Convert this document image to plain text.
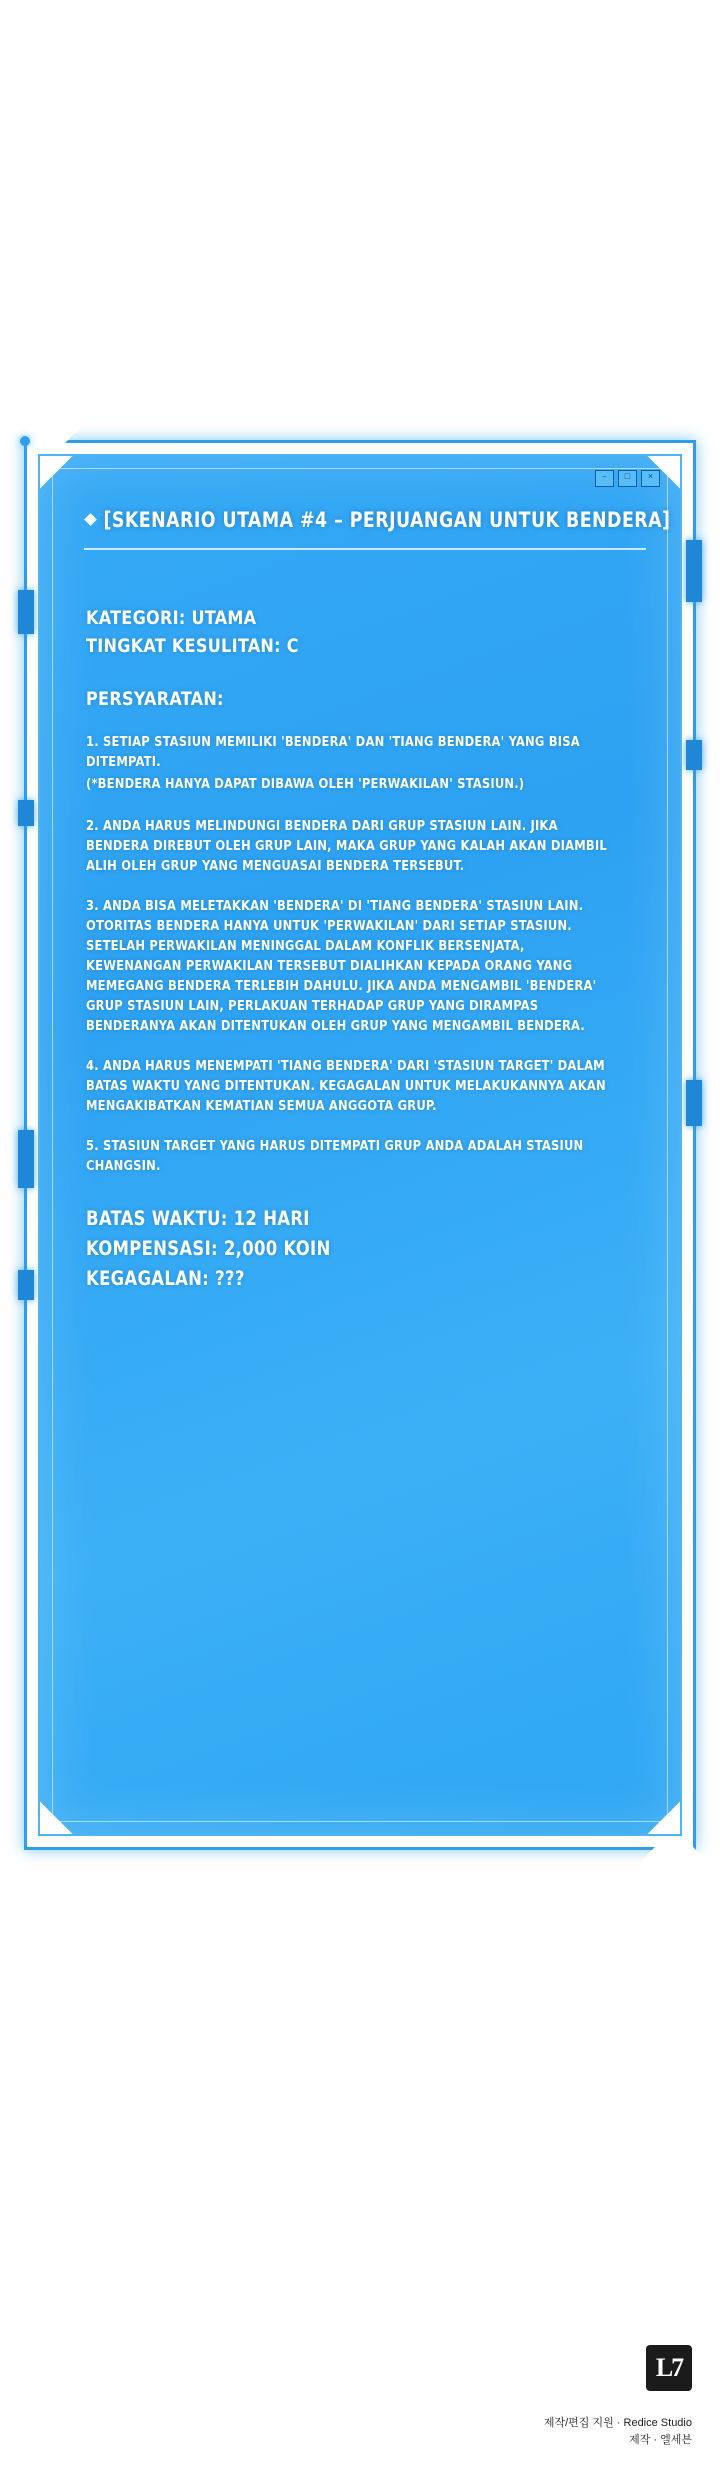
–	□	×
[SKENARIO UTAMA #4 – PERJUANGAN UNTUK BENDERA]
KATEGORI: UTAMA
TINGKAT KESULITAN: C
PERSYARATAN:
1. SETIAP STASIUN MEMILIKI 'BENDERA' DAN 'TIANG BENDERA' YANG BISA DITEMPATI.
(*BENDERA HANYA DAPAT DIBAWA OLEH 'PERWAKILAN' STASIUN.)
2. ANDA HARUS MELINDUNGI BENDERA DARI GRUP STASIUN LAIN. JIKA BENDERA DIREBUT OLEH GRUP LAIN, MAKA GRUP YANG KALAH AKAN DIAMBIL ALIH OLEH GRUP YANG MENGUASAI BENDERA TERSEBUT.
3. ANDA BISA MELETAKKAN 'BENDERA' DI 'TIANG BENDERA' STASIUN LAIN. OTORITAS BENDERA HANYA UNTUK 'PERWAKILAN' DARI SETIAP STASIUN. SETELAH PERWAKILAN MENINGGAL DALAM KONFLIK BERSENJATA, KEWENANGAN PERWAKILAN TERSEBUT DIALIHKAN KEPADA ORANG YANG MEMEGANG BENDERA TERLEBIH DAHULU. JIKA ANDA MENGAMBIL 'BENDERA' GRUP STASIUN LAIN, PERLAKUAN TERHADAP GRUP YANG DIRAMPAS BENDERANYA AKAN DITENTUKAN OLEH GRUP YANG MENGAMBIL BENDERA.
4. ANDA HARUS MENEMPATI 'TIANG BENDERA' DARI 'STASIUN TARGET' DALAM BATAS WAKTU YANG DITENTUKAN. KEGAGALAN UNTUK MELAKUKANNYA AKAN MENGAKIBATKAN KEMATIAN SEMUA ANGGOTA GRUP.
5. STASIUN TARGET YANG HARUS DITEMPATI GRUP ANDA ADALAH STASIUN CHANGSIN.
BATAS WAKTU: 12 HARI
KOMPENSASI: 2,000 KOIN
KEGAGALAN: ???
L7
제작/편집 지원 · Redice Studio
제작 · 엘세븐
